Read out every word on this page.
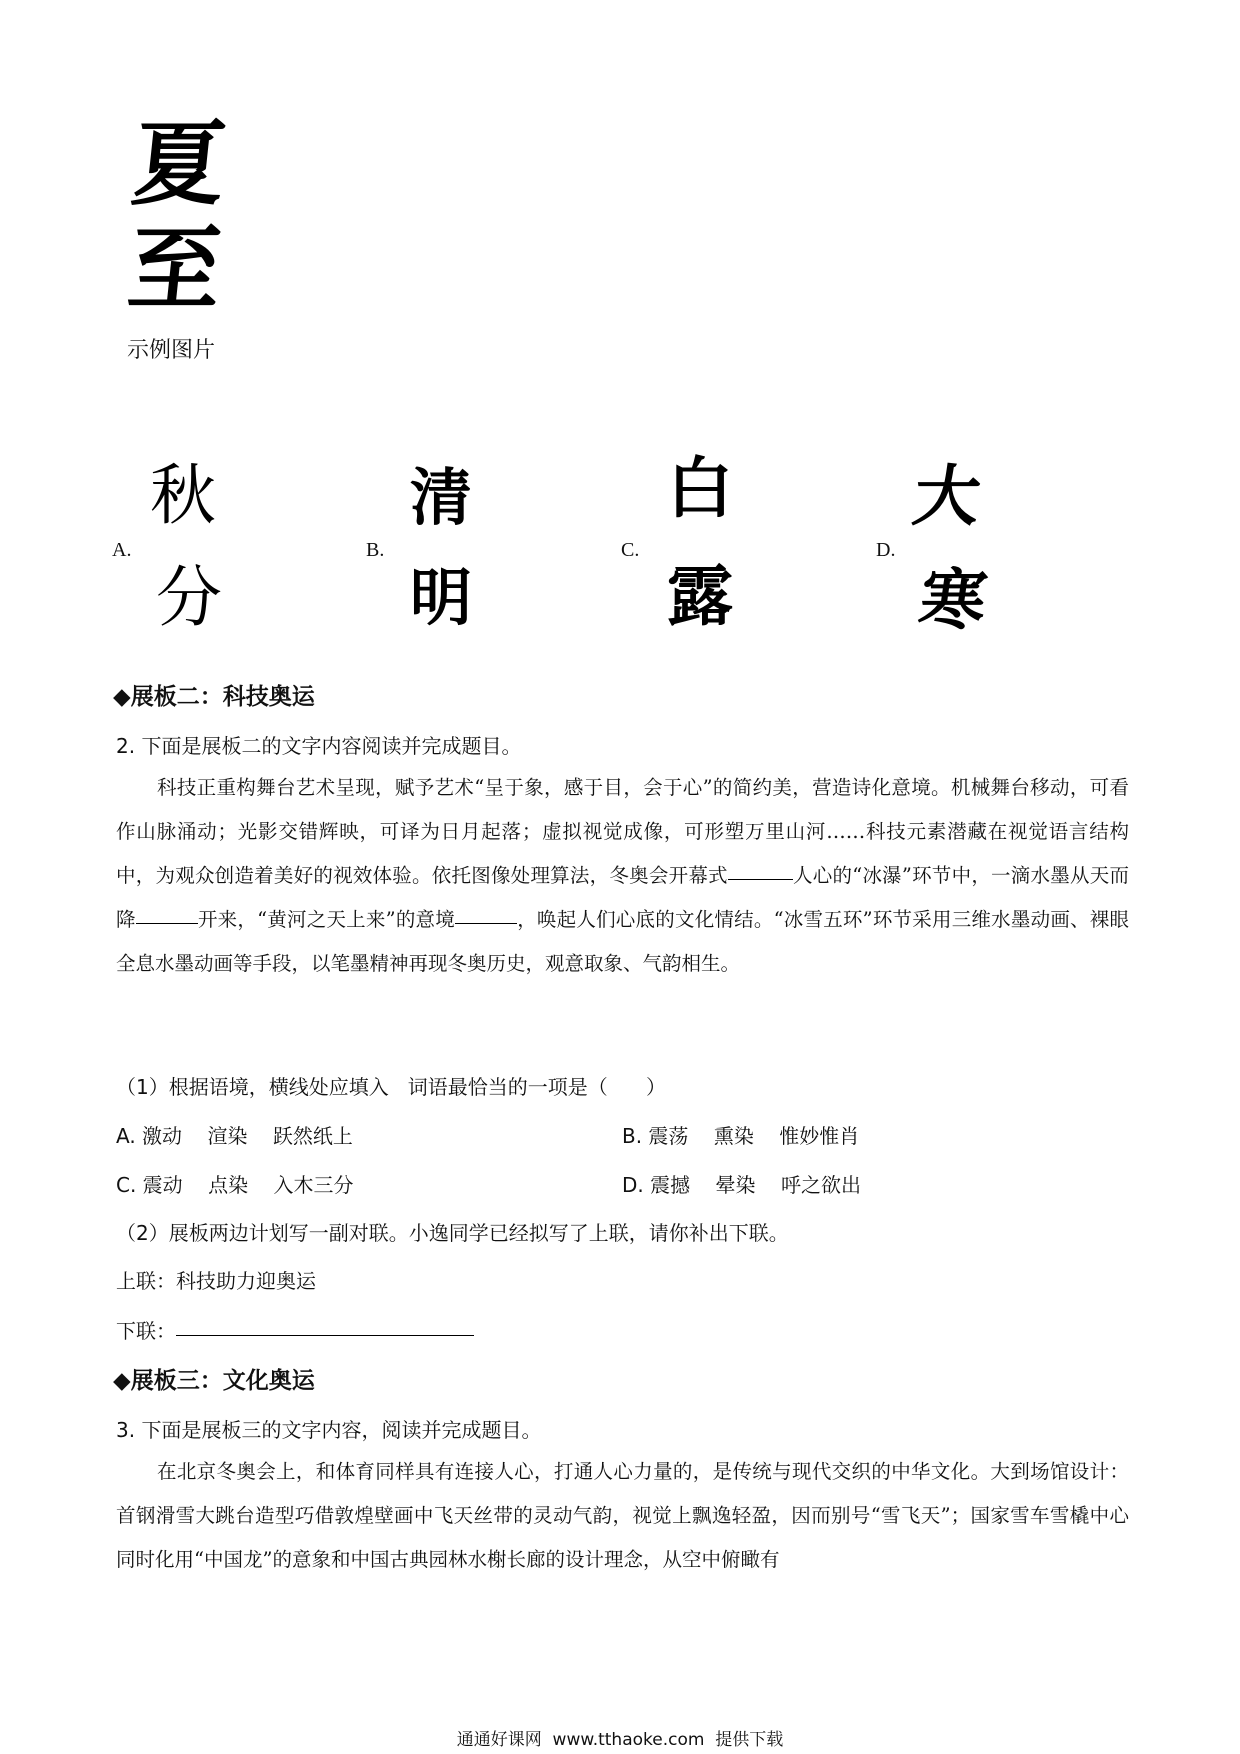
夏
至
示例图片
A.
秋
分
B.
清
明
C.
白
露
D.
大
寒
◆展板二：科技奥运
2. 下面是展板二的文字内容阅读并完成题目。
科技正重构舞台艺术呈现，赋予艺术“呈于象，感于目，会于心”的简约美，营造诗化意境。机械舞台移动，可看作山脉涌动；光影交错辉映，可译为日月起落；虚拟视觉成像，可形塑万里山河……科技元素潜藏在视觉语言结构中，为观众创造着美好的视效体验。依托图像处理算法，冬奥会开幕式	人心的“冰瀑”环节中，一滴水墨从天而降	开来，“黄河之天上来”的意境	，唤起人们心底的文化情结。“冰雪五环”环节采用三维水墨动画、裸眼全息水墨动画等手段，以笔墨精神再现冬奥历史，观意取象、气韵相生。
（1）根据语境，横线处应填入   词语最恰当的一项是（      ）
A. 激动    渲染    跃然纸上	B. 震荡    熏染    惟妙惟肖
C. 震动    点染    入木三分	D. 震撼    晕染    呼之欲出
（2）展板两边计划写一副对联。小逸同学已经拟写了上联，请你补出下联。
上联：科技助力迎奥运
下联：
◆展板三：文化奥运
3. 下面是展板三的文字内容，阅读并完成题目。
在北京冬奥会上，和体育同样具有连接人心，打通人心力量的，是传统与现代交织的中华文化。大到场馆设计：首钢滑雪大跳台造型巧借敦煌壁画中飞天丝带的灵动气韵，视觉上飘逸轻盈，因而别号“雪飞天”；国家雪车雪橇中心同时化用“中国龙”的意象和中国古典园林水榭长廊的设计理念，从空中俯瞰有
通通好课网  www.tthaoke.com  提供下载
